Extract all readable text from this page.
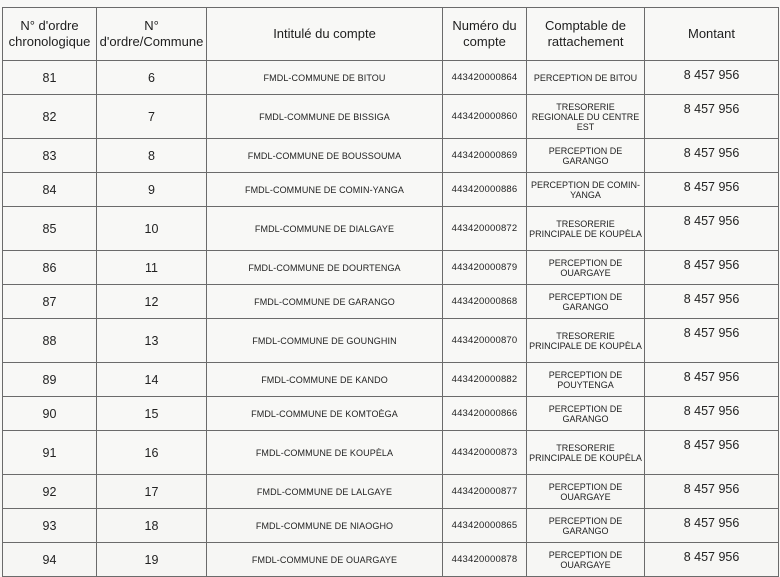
N° d'ordre chronologique	N° d'ordre/Commune	Intitulé du compte	Numéro du compte	Comptable de rattachement	Montant
81	6	FMDL-COMMUNE DE BITOU	443420000864	PERCEPTION DE BITOU	8 457 956
82	7	FMDL-COMMUNE DE BISSIGA	443420000860	TRESORERIE REGIONALE DU CENTRE EST	8 457 956
83	8	FMDL-COMMUNE DE BOUSSOUMA	443420000869	PERCEPTION DE GARANGO	8 457 956
84	9	FMDL-COMMUNE DE COMIN-YANGA	443420000886	PERCEPTION DE COMIN-YANGA	8 457 956
85	10	FMDL-COMMUNE DE DIALGAYE	443420000872	TRESORERIE PRINCIPALE DE KOUPÈLA	8 457 956
86	11	FMDL-COMMUNE DE DOURTENGA	443420000879	PERCEPTION DE OUARGAYE	8 457 956
87	12	FMDL-COMMUNE DE GARANGO	443420000868	PERCEPTION DE GARANGO	8 457 956
88	13	FMDL-COMMUNE DE GOUNGHIN	443420000870	TRESORERIE PRINCIPALE DE KOUPÈLA	8 457 956
89	14	FMDL-COMMUNE DE KANDO	443420000882	PERCEPTION DE POUYTENGA	8 457 956
90	15	FMDL-COMMUNE DE KOMTOÈGA	443420000866	PERCEPTION DE GARANGO	8 457 956
91	16	FMDL-COMMUNE DE KOUPÈLA	443420000873	TRESORERIE PRINCIPALE DE KOUPÈLA	8 457 956
92	17	FMDL-COMMUNE DE LALGAYE	443420000877	PERCEPTION DE OUARGAYE	8 457 956
93	18	FMDL-COMMUNE DE NIAOGHO	443420000865	PERCEPTION DE GARANGO	8 457 956
94	19	FMDL-COMMUNE DE OUARGAYE	443420000878	PERCEPTION DE OUARGAYE	8 457 956
